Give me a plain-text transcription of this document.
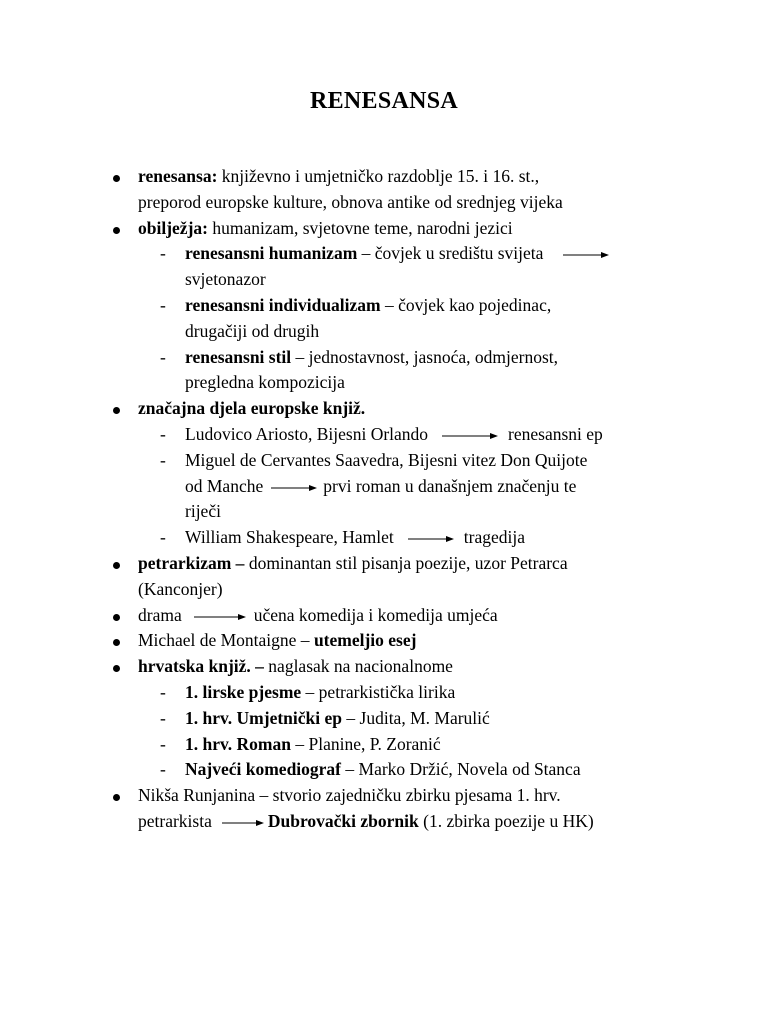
RENESANSA
renesansa: književno i umjetničko razdoblje 15. i 16. st.,
preporod europske kulture, obnova antike od srednjeg vijeka
obilježja: humanizam, svjetovne teme, narodni jezici
- renesansni humanizam – čovjek u središtu svijeta
svjetonazor
- renesansni individualizam – čovjek kao pojedinac,
drugačiji od drugih
- renesansni stil – jednostavnost, jasnoća, odmjernost,
pregledna kompozicija
značajna djela europske knjiž.
- Ludovico Ariosto, Bijesni Orlando	renesansni ep
- Miguel de Cervantes Saavedra, Bijesni vitez Don Quijote
od Manche	prvi roman u današnjem značenju te
riječi
- William Shakespeare, Hamlet	tragedija
petrarkizam – dominantan stil pisanja poezije, uzor Petrarca
(Kanconjer)
drama	učena komedija i komedija umjeća
Michael de Montaigne – utemeljio esej
hrvatska knjiž. – naglasak na nacionalnome
- 1. lirske pjesme – petrarkistička lirika
- 1. hrv. Umjetnički ep – Judita, M. Marulić
- 1. hrv. Roman – Planine, P. Zoranić
- Najveći komediograf – Marko Držić, Novela od Stanca
Nikša Runjanina – stvorio zajedničku zbirku pjesama 1. hrv.
petrarkista	Dubrovački zbornik (1. zbirka poezije u HK)
